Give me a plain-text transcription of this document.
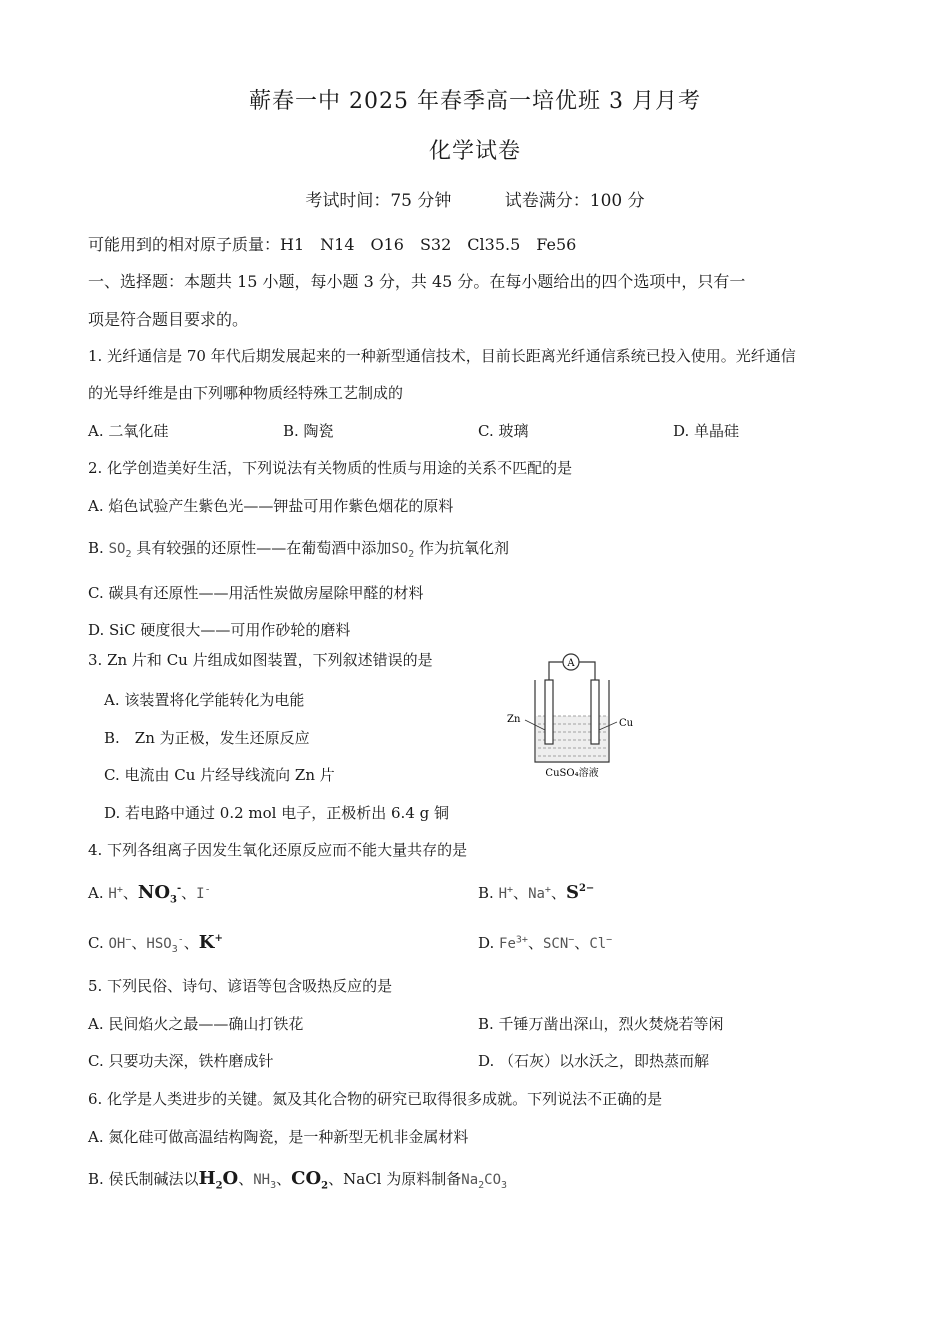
蕲春一中 2025 年春季高一培优班 3 月月考
化学试卷
考试时间：75 分钟	试卷满分：100 分
可能用到的相对原子质量：H1　N14　O16　S32　Cl35.5　Fe56
一、选择题：本题共 15 小题，每小题 3 分，共 45 分。在每小题给出的四个选项中，只有一
项是符合题目要求的。
1. 光纤通信是 70 年代后期发展起来的一种新型通信技术，目前长距离光纤通信系统已投入使用。光纤通信
的光导纤维是由下列哪种物质经特殊工艺制成的
A. 二氧化硅	B. 陶瓷	C. 玻璃	D. 单晶硅
2. 化学创造美好生活，下列说法有关物质的性质与用途的关系不匹配的是
A. 焰色试验产生紫色光——钾盐可用作紫色烟花的原料
B. $SO_2$ 具有较强的还原性——在葡萄酒中添加$SO_2$ 作为抗氧化剂
C. 碳具有还原性——用活性炭做房屋除甲醛的材料
D. SiC 硬度很大——可用作砂轮的磨料
3. Zn 片和 Cu 片组成如图装置，下列叙述错误的是
A. 该装置将化学能转化为电能
B.　Zn 为正极，发生还原反应
C. 电流由 Cu 片经导线流向 Zn 片
D. 若电路中通过 0.2 mol 电子，正极析出 6.4 g 铜
A
Zn	Cu
CuSO₄溶液
4. 下列各组离子因发生氧化还原反应而不能大量共存的是
A. H+、$NO_3^-$、I-	B. H+、Na+、$S^{2-}$
C. OH−、$HSO_3^-$、K+	D. $Fe^{3+}$、SCN−、Cl−
5. 下列民俗、诗句、谚语等包含吸热反应的是
A. 民间焰火之最——确山打铁花	B. 千锤万凿出深山，烈火焚烧若等闲
C. 只要功夫深，铁杵磨成针	D. （石灰）以水沃之，即热蒸而解
6. 化学是人类进步的关键。氮及其化合物的研究已取得很多成就。下列说法不正确的是
A. 氮化硅可做高温结构陶瓷，是一种新型无机非金属材料
B. 侯氏制碱法以$H_2O$、$NH_3$、$CO_2$、NaCl 为原料制备$Na_2CO_3$
